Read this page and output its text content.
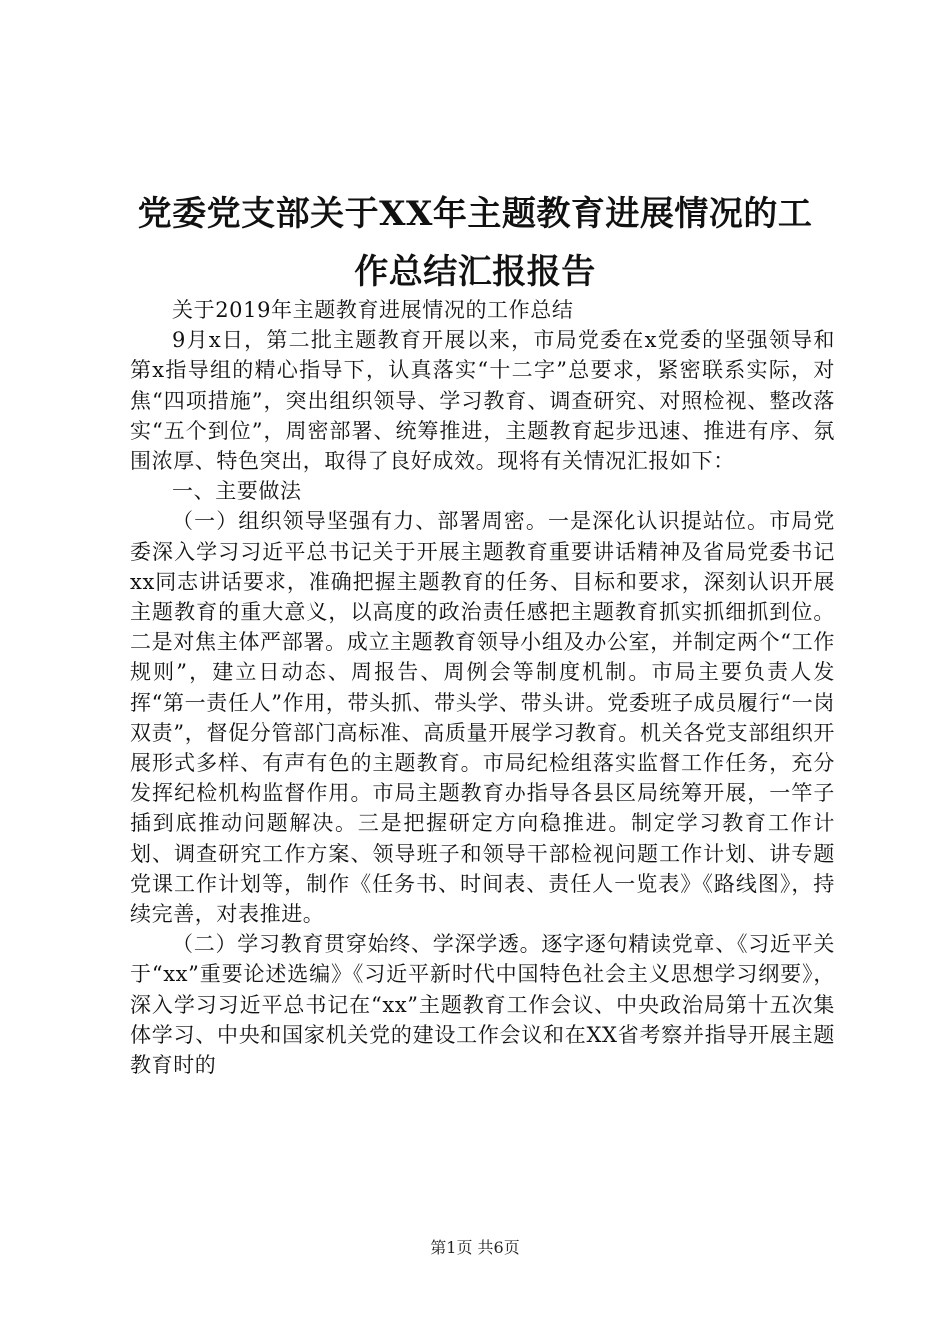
党委党支部关于XX年主题教育进展情况的工
作总结汇报报告

关于2019年主题教育进展情况的工作总结

9月x日，第二批主题教育开展以来，市局党委在x党委的坚强领导和第x指导组的精心指导下，认真落实“十二字”总要求，紧密联系实际，对焦“四项措施”，突出组织领导、学习教育、调查研究、对照检视、整改落实“五个到位”，周密部署、统筹推进，主题教育起步迅速、推进有序、氛围浓厚、特色突出，取得了良好成效。现将有关情况汇报如下：

一、主要做法

（一）组织领导坚强有力、部署周密。一是深化认识提站位。市局党委深入学习习近平总书记关于开展主题教育重要讲话精神及省局党委书记xx同志讲话要求，准确把握主题教育的任务、目标和要求，深刻认识开展主题教育的重大意义，以高度的政治责任感把主题教育抓实抓细抓到位。二是对焦主体严部署。成立主题教育领导小组及办公室，并制定两个“工作规则”，建立日动态、周报告、周例会等制度机制。市局主要负责人发挥“第一责任人”作用，带头抓、带头学、带头讲。党委班子成员履行“一岗双责”，督促分管部门高标准、高质量开展学习教育。机关各党支部组织开展形式多样、有声有色的主题教育。市局纪检组落实监督工作任务，充分发挥纪检机构监督作用。市局主题教育办指导各县区局统筹开展，一竿子插到底推动问题解决。三是把握研定方向稳推进。制定学习教育工作计划、调查研究工作方案、领导班子和领导干部检视问题工作计划、讲专题党课工作计划等，制作《任务书、时间表、责任人一览表》《路线图》，持续完善，对表推进。

（二）学习教育贯穿始终、学深学透。逐字逐句精读党章、《习近平关于“xx”重要论述选编》《习近平新时代中国特色社会主义思想学习纲要》，深入学习习近平总书记在“xx”主题教育工作会议、中央政治局第十五次集体学习、中央和国家机关党的建设工作会议和在XX省考察并指导开展主题教育时的

第1页 共6页
